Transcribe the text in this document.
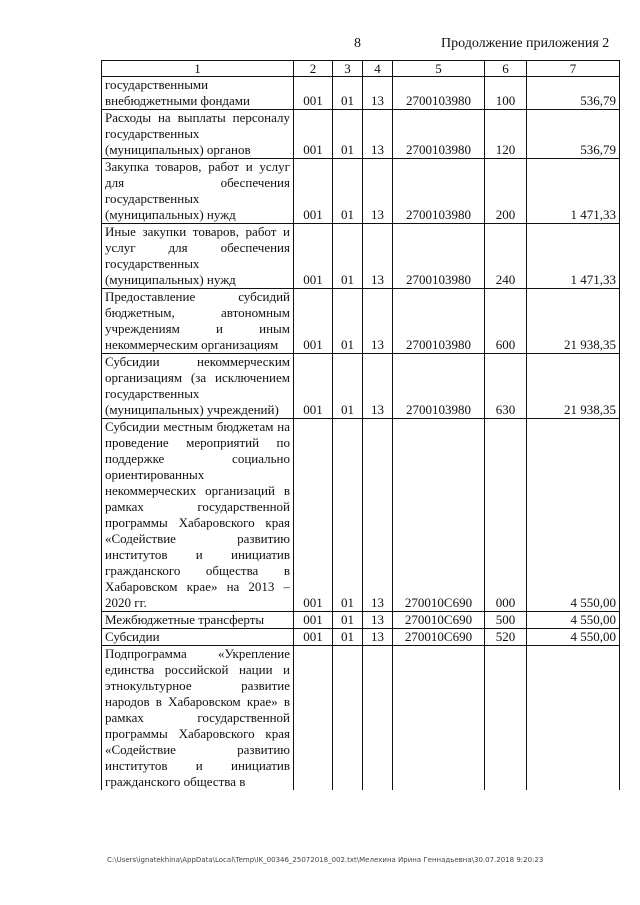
8	Продолжение приложения 2
1	2	3	4	5	6	7
государственными внебюджетными фондами	001	01	13	2700103980	100	536,79
Расходы на выплаты персоналу государственных (муниципальных) органов	001	01	13	2700103980	120	536,79
Закупка товаров, работ и услуг для обеспечения государственных (муниципальных) нужд	001	01	13	2700103980	200	1 471,33
Иные закупки товаров, работ и услуг для обеспечения государственных (муниципальных) нужд	001	01	13	2700103980	240	1 471,33
Предоставление субсидий бюджетным, автономным учреждениям и иным некоммерческим организациям	001	01	13	2700103980	600	21 938,35
Субсидии некоммерческим организациям (за исключением государственных (муниципальных) учреждений)	001	01	13	2700103980	630	21 938,35
Субсидии местным бюджетам на проведение мероприятий по поддержке социально ориентированных некоммерческих организаций в рамках государственной программы Хабаровского края «Содействие развитию институтов и инициатив гражданского общества в Хабаровском крае» на 2013 – 2020 гг.	001	01	13	270010С690	000	4 550,00
Межбюджетные трансферты	001	01	13	270010С690	500	4 550,00
Субсидии	001	01	13	270010С690	520	4 550,00
Подпрограмма «Укрепление единства российской нации и этнокультурное развитие народов в Хабаровском крае» в рамках государственной программы Хабаровского края «Содействие развитию институтов и инициатив гражданского общества в						
C:\Users\ignatekhina\AppData\Local\Temp\IK_00346_25072018_002.txt\Мелехина Ирина Геннадьевна\30.07.2018 9:20:23
